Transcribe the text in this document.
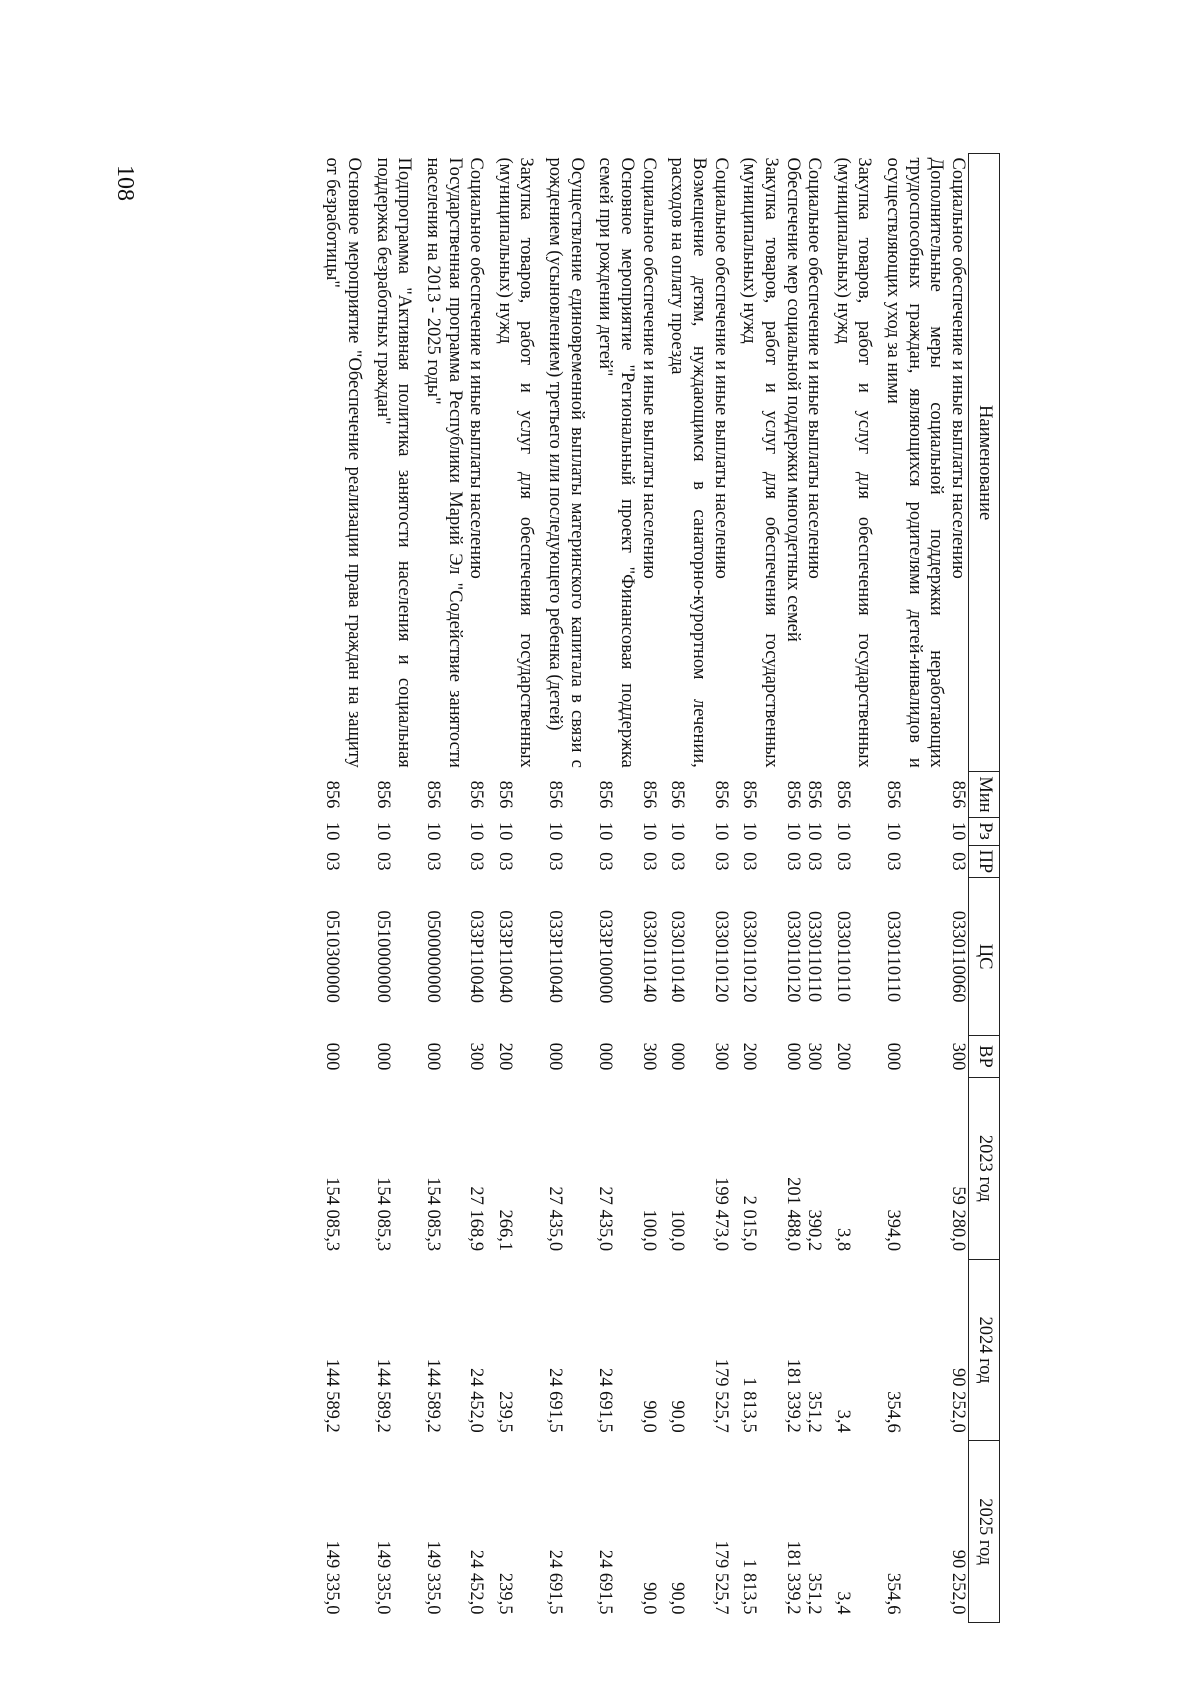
108
Наименование	Мин	Рз	ПР	ЦС	ВР	2023 год	2024 год	2025 год
Социальное обеспечение и иные выплаты населению	856	10	03	0330110060	300	59 280,0	90 252,0	90 252,0
Дополнительные меры социальной поддержки неработающих трудоспособных граждан, являющихся родителями детей-инвалидов и осуществляющих уход за ними	856	10	03	0330110110	000	394,0	354,6	354,6
Закупка товаров, работ и услуг для обеспечения государственных (муниципальных) нужд	856	10	03	0330110110	200	3,8	3,4	3,4
Социальное обеспечение и иные выплаты населению	856	10	03	0330110110	300	390,2	351,2	351,2
Обеспечение мер социальной поддержки многодетных семей	856	10	03	0330110120	000	201 488,0	181 339,2	181 339,2
Закупка товаров, работ и услуг для обеспечения государственных (муниципальных) нужд	856	10	03	0330110120	200	2 015,0	1 813,5	1 813,5
Социальное обеспечение и иные выплаты населению	856	10	03	0330110120	300	199 473,0	179 525,7	179 525,7
Возмещение детям, нуждающимся в санаторно-курортном лечении, расходов на оплату проезда	856	10	03	0330110140	000	100,0	90,0	90,0
Социальное обеспечение и иные выплаты населению	856	10	03	0330110140	300	100,0	90,0	90,0
Основное мероприятие "Региональный проект "Финансовая поддержка семей при рождении детей"	856	10	03	033P100000	000	27 435,0	24 691,5	24 691,5
Осуществление единовременной выплаты материнского капитала в связи с рождением (усыновлением) третьего или последующего ребенка (детей)	856	10	03	033P110040	000	27 435,0	24 691,5	24 691,5
Закупка товаров, работ и услуг для обеспечения государственных (муниципальных) нужд	856	10	03	033P110040	200	266,1	239,5	239,5
Социальное обеспечение и иные выплаты населению	856	10	03	033P110040	300	27 168,9	24 452,0	24 452,0
Государственная программа Республики Марий Эл "Содействие занятости населения на 2013 - 2025 годы"	856	10	03	0500000000	000	154 085,3	144 589,2	149 335,0
Подпрограмма "Активная политика занятости населения и социальная поддержка безработных граждан"	856	10	03	0510000000	000	154 085,3	144 589,2	149 335,0
Основное мероприятие "Обеспечение реализации права граждан на защиту от безработицы"	856	10	03	0510300000	000	154 085,3	144 589,2	149 335,0
